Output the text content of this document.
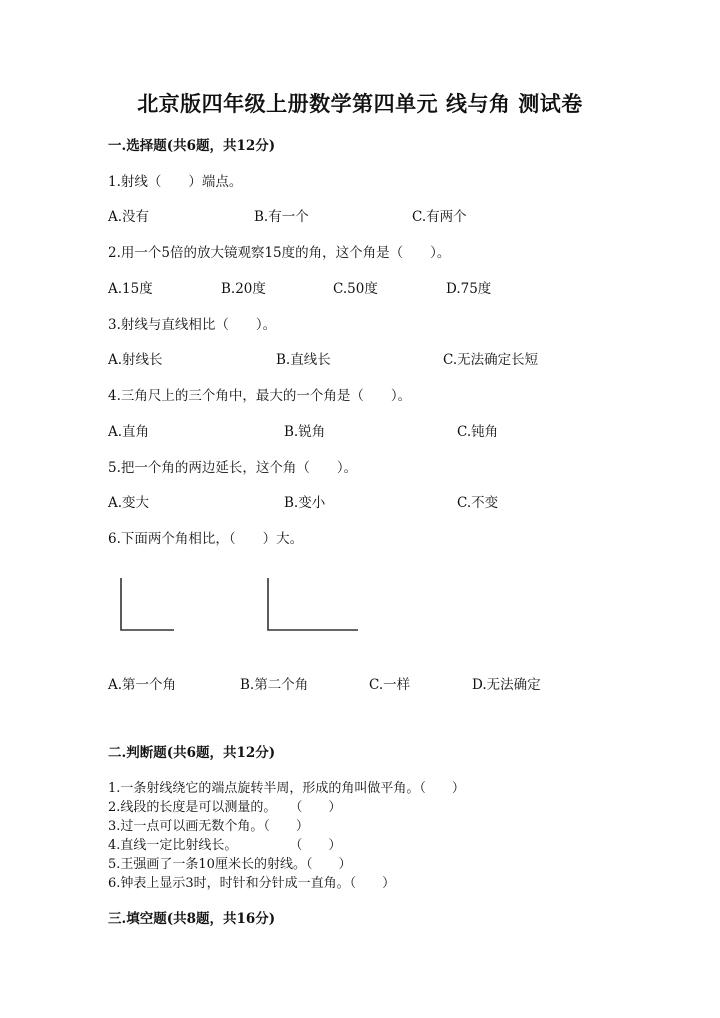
北京版四年级上册数学第四单元 线与角 测试卷
一.选择题(共6题，共12分)
1.射线（　　）端点。
A.没有	B.有一个	C.有两个
2.用一个5倍的放大镜观察15度的角，这个角是（　　）。
A.15度	B.20度	C.50度	D.75度
3.射线与直线相比（　　）。
A.射线长	B.直线长	C.无法确定长短
4.三角尺上的三个角中，最大的一个角是（　　）。
A.直角	B.锐角	C.钝角
5.把一个角的两边延长，这个角（　　）。
A.变大	B.变小	C.不变
6.下面两个角相比，（　　）大。
A.第一个角	B.第二个角	C.一样	D.无法确定
二.判断题(共6题，共12分)
1.一条射线绕它的端点旋转半周，形成的角叫做平角。（　　）
2.线段的长度是可以测量的。　　（　　）
3.过一点可以画无数个角。（　　）
4.直线一定比射线长。　　　　　（　　）
5.王强画了一条10厘米长的射线。（　　）
6.钟表上显示3时，时针和分针成一直角。（　　）
三.填空题(共8题，共16分)
